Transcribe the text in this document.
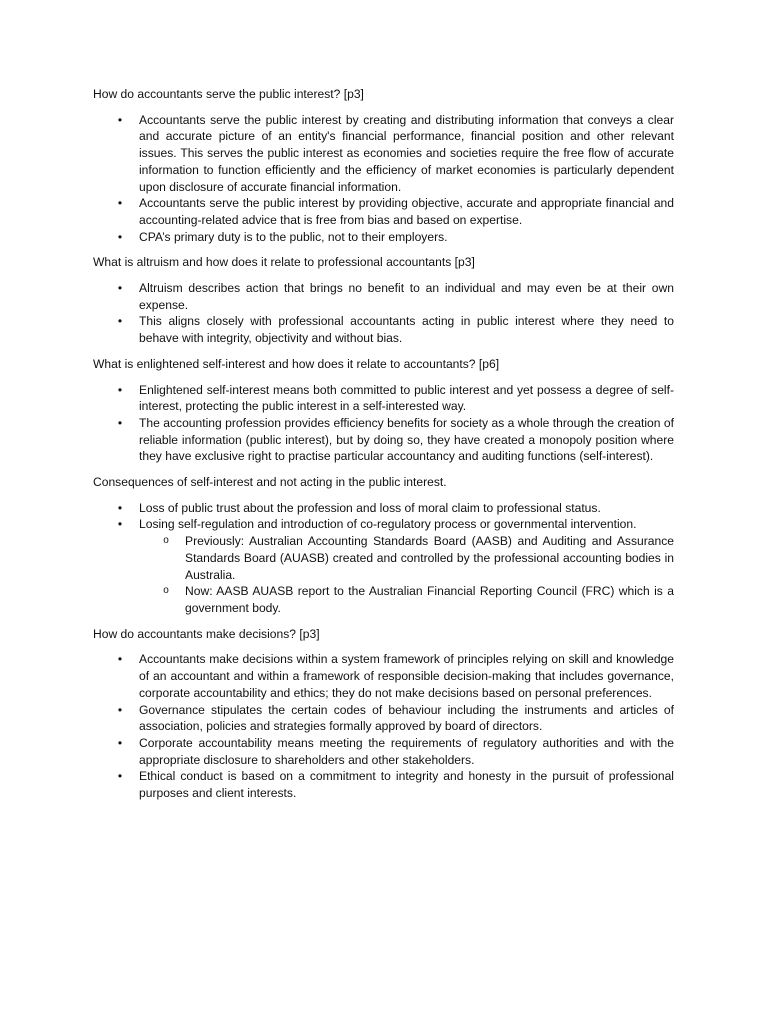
How do accountants serve the public interest? [p3]

• Accountants serve the public interest by creating and distributing information that conveys a clear and accurate picture of an entity's financial performance, financial position and other relevant issues. This serves the public interest as economies and societies require the free flow of accurate information to function efficiently and the efficiency of market economies is particularly dependent upon disclosure of accurate financial information.
• Accountants serve the public interest by providing objective, accurate and appropriate financial and accounting-related advice that is free from bias and based on expertise.
• CPA’s primary duty is to the public, not to their employers.

What is altruism and how does it relate to professional accountants [p3]

• Altruism describes action that brings no benefit to an individual and may even be at their own expense.
• This aligns closely with professional accountants acting in public interest where they need to behave with integrity, objectivity and without bias.

What is enlightened self-interest and how does it relate to accountants? [p6]

• Enlightened self-interest means both committed to public interest and yet possess a degree of self-interest, protecting the public interest in a self-interested way.
• The accounting profession provides efficiency benefits for society as a whole through the creation of reliable information (public interest), but by doing so, they have created a monopoly position where they have exclusive right to practise particular accountancy and auditing functions (self-interest).

Consequences of self-interest and not acting in the public interest.

• Loss of public trust about the profession and loss of moral claim to professional status.
• Losing self-regulation and introduction of co-regulatory process or governmental intervention.
o Previously: Australian Accounting Standards Board (AASB) and Auditing and Assurance Standards Board (AUASB) created and controlled by the professional accounting bodies in Australia.
o Now: AASB AUASB report to the Australian Financial Reporting Council (FRC) which is a government body.

How do accountants make decisions? [p3]

• Accountants make decisions within a system framework of principles relying on skill and knowledge of an accountant and within a framework of responsible decision-making that includes governance, corporate accountability and ethics; they do not make decisions based on personal preferences.
• Governance stipulates the certain codes of behaviour including the instruments and articles of association, policies and strategies formally approved by board of directors.
• Corporate accountability means meeting the requirements of regulatory authorities and with the appropriate disclosure to shareholders and other stakeholders.
• Ethical conduct is based on a commitment to integrity and honesty in the pursuit of professional purposes and client interests.
